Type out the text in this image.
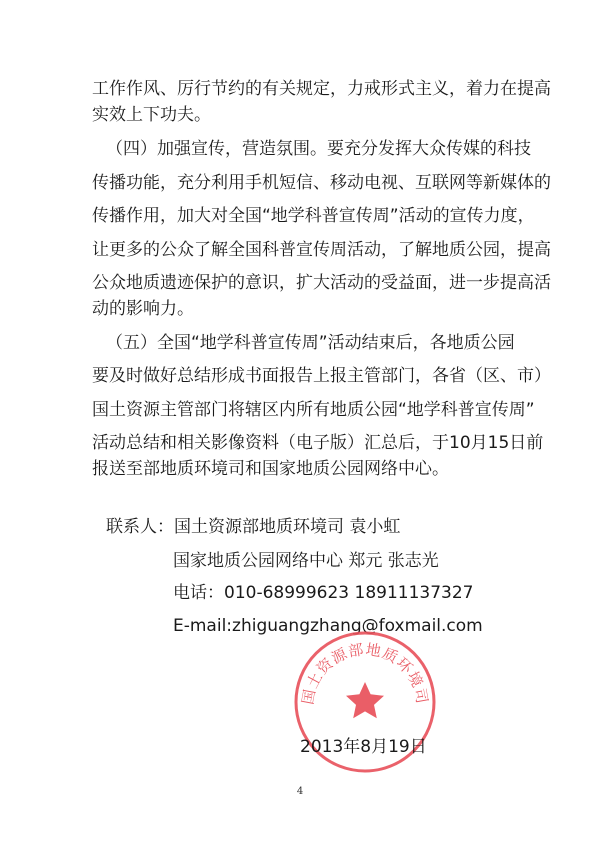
工作作风、厉行节约的有关规定，力戒形式主义，着力在提高
实效上下功夫。
（四）加强宣传，营造氛围。要充分发挥大众传媒的科技
传播功能，充分利用手机短信、移动电视、互联网等新媒体的
传播作用，加大对全国“地学科普宣传周”活动的宣传力度，
让更多的公众了解全国科普宣传周活动，了解地质公园，提高
公众地质遗迹保护的意识，扩大活动的受益面，进一步提高活
动的影响力。
（五）全国“地学科普宣传周”活动结束后，各地质公园
要及时做好总结形成书面报告上报主管部门，各省（区、市）
国土资源主管部门将辖区内所有地质公园“地学科普宣传周”
活动总结和相关影像资料（电子版）汇总后，于10月15日前
报送至部地质环境司和国家地质公园网络中心。
联系人：国土资源部地质环境司 袁小虹
国家地质公园网络中心 郑元 张志光
电话：010-68999623 18911137327
E-mail:zhiguangzhang@foxmail.com
国土资源部地质环境司
2013年8月19日
4
